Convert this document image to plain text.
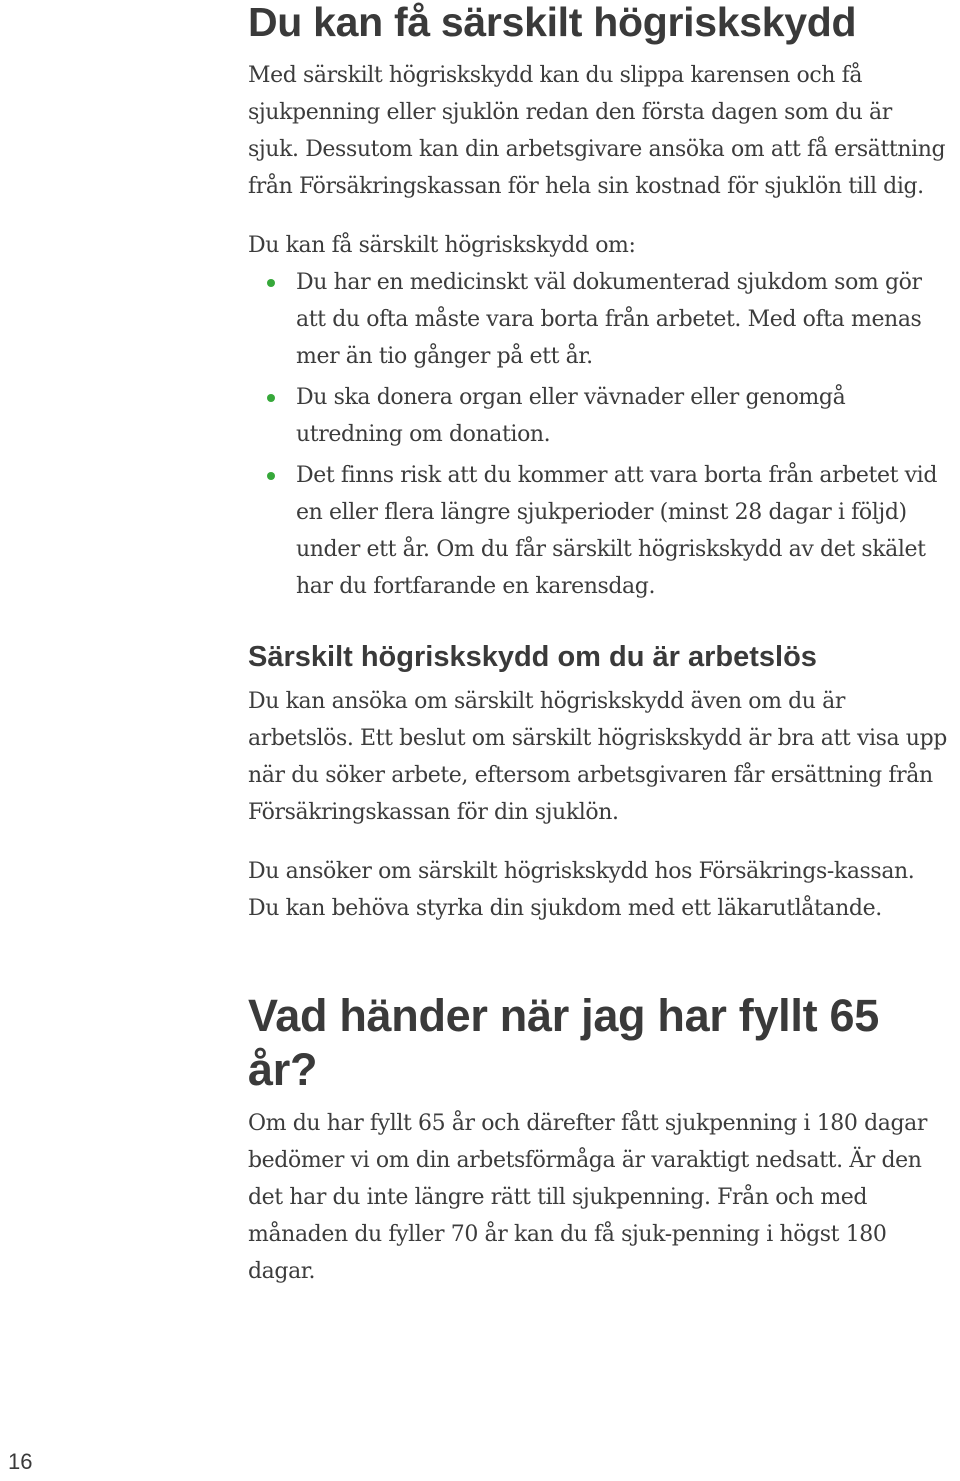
Du kan få särskilt högriskskydd

Med särskilt högriskskydd kan du slippa karensen och få sjukpenning eller sjuklön redan den första dagen som du är sjuk. Dessutom kan din arbetsgivare ansöka om att få ersättning från Försäkringskassan för hela sin kostnad för sjuklön till dig.

Du kan få särskilt högriskskydd om:

Du har en medicinskt väl dokumenterad sjukdom som gör att du ofta måste vara borta från arbetet. Med ofta menas mer än tio gånger på ett år.
Du ska donera organ eller vävnader eller genomgå utredning om donation.
Det finns risk att du kommer att vara borta från arbetet vid en eller flera längre sjukperioder (minst 28 dagar i följd) under ett år. Om du får särskilt högriskskydd av det skälet har du fortfarande en karensdag.
Särskilt högriskskydd om du är arbetslös

Du kan ansöka om särskilt högriskskydd även om du är arbetslös. Ett beslut om särskilt högriskskydd är bra att visa upp när du söker arbete, eftersom arbetsgivaren får ersättning från Försäkringskassan för din sjuklön.

Du ansöker om särskilt högriskskydd hos Försäkrings-kassan. Du kan behöva styrka din sjukdom med ett läkarutlåtande.

Vad händer när jag har fyllt 65 år?

Om du har fyllt 65 år och därefter fått sjukpenning i 180 dagar bedömer vi om din arbetsförmåga är varaktigt nedsatt. Är den det har du inte längre rätt till sjukpenning. Från och med månaden du fyller 70 år kan du få sjuk-penning i högst 180 dagar.

16
